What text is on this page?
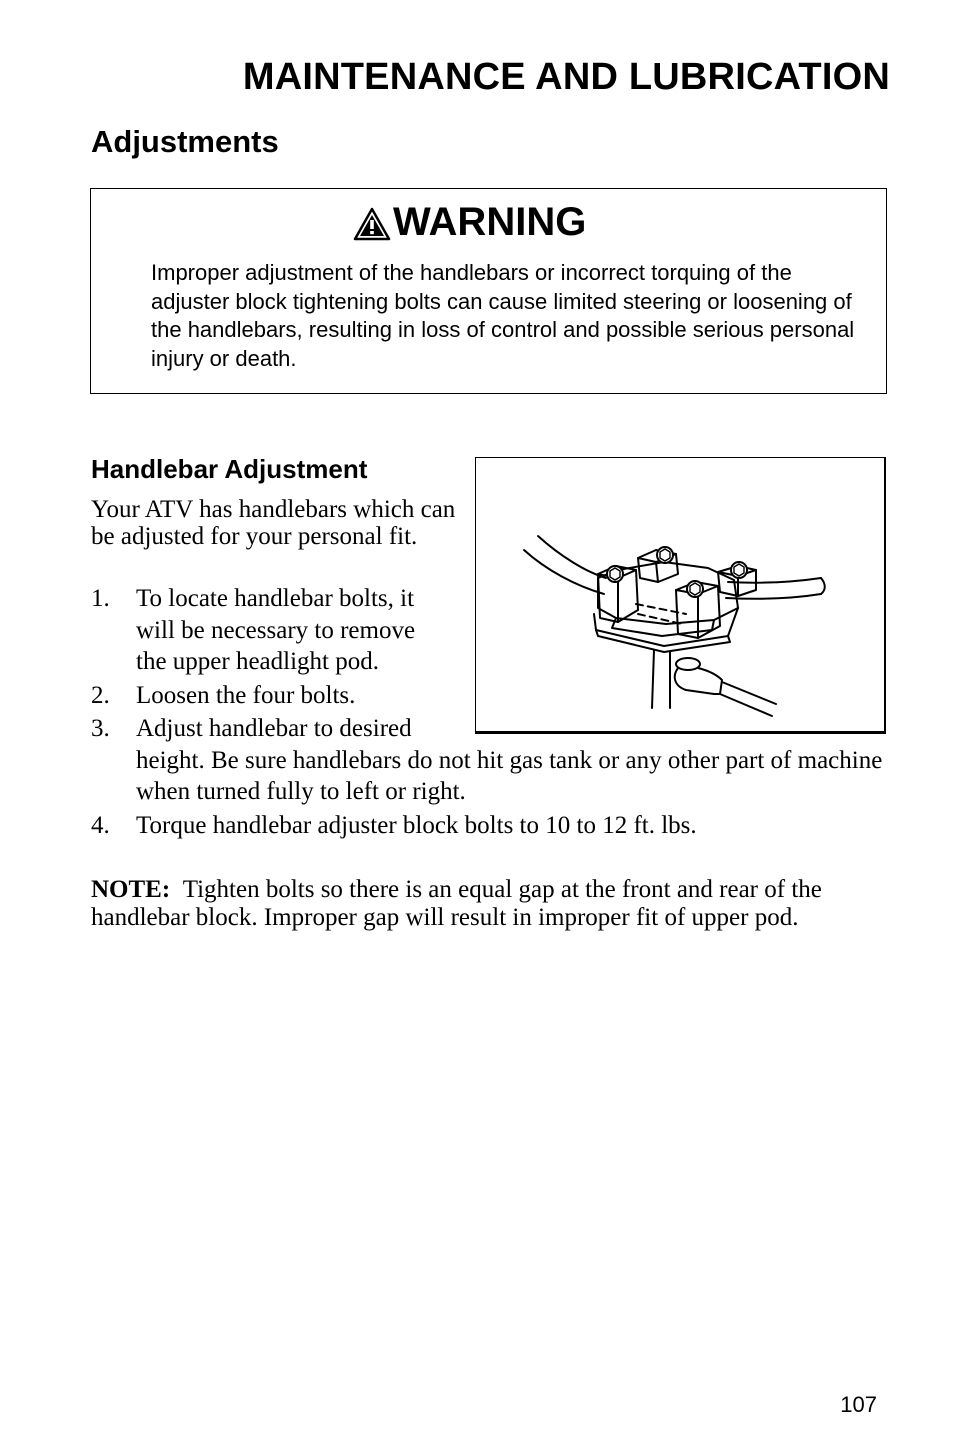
MAINTENANCE AND LUBRICATION
Adjustments
WARNING

Improper adjustment of the handlebars or incorrect torquing of the adjuster block tightening bolts can cause limited steering or loosening of the handlebars, resulting in loss of control and possible serious personal injury or death.

Handlebar Adjustment

Your ATV has handlebars which can be adjusted for your personal fit.

1. To locate handlebar bolts, it will be necessary to remove the upper headlight pod.
2. Loosen the four bolts.
3. Adjust handlebar to desired
height. Be sure handlebars do not hit gas tank or any other part of machine when turned fully to left or right.
4. Torque handlebar adjuster block bolts to 10 to 12 ft. lbs.

NOTE:  Tighten bolts so there is an equal gap at the front and rear of the handlebar block. Improper gap will result in improper fit of upper pod.

107
